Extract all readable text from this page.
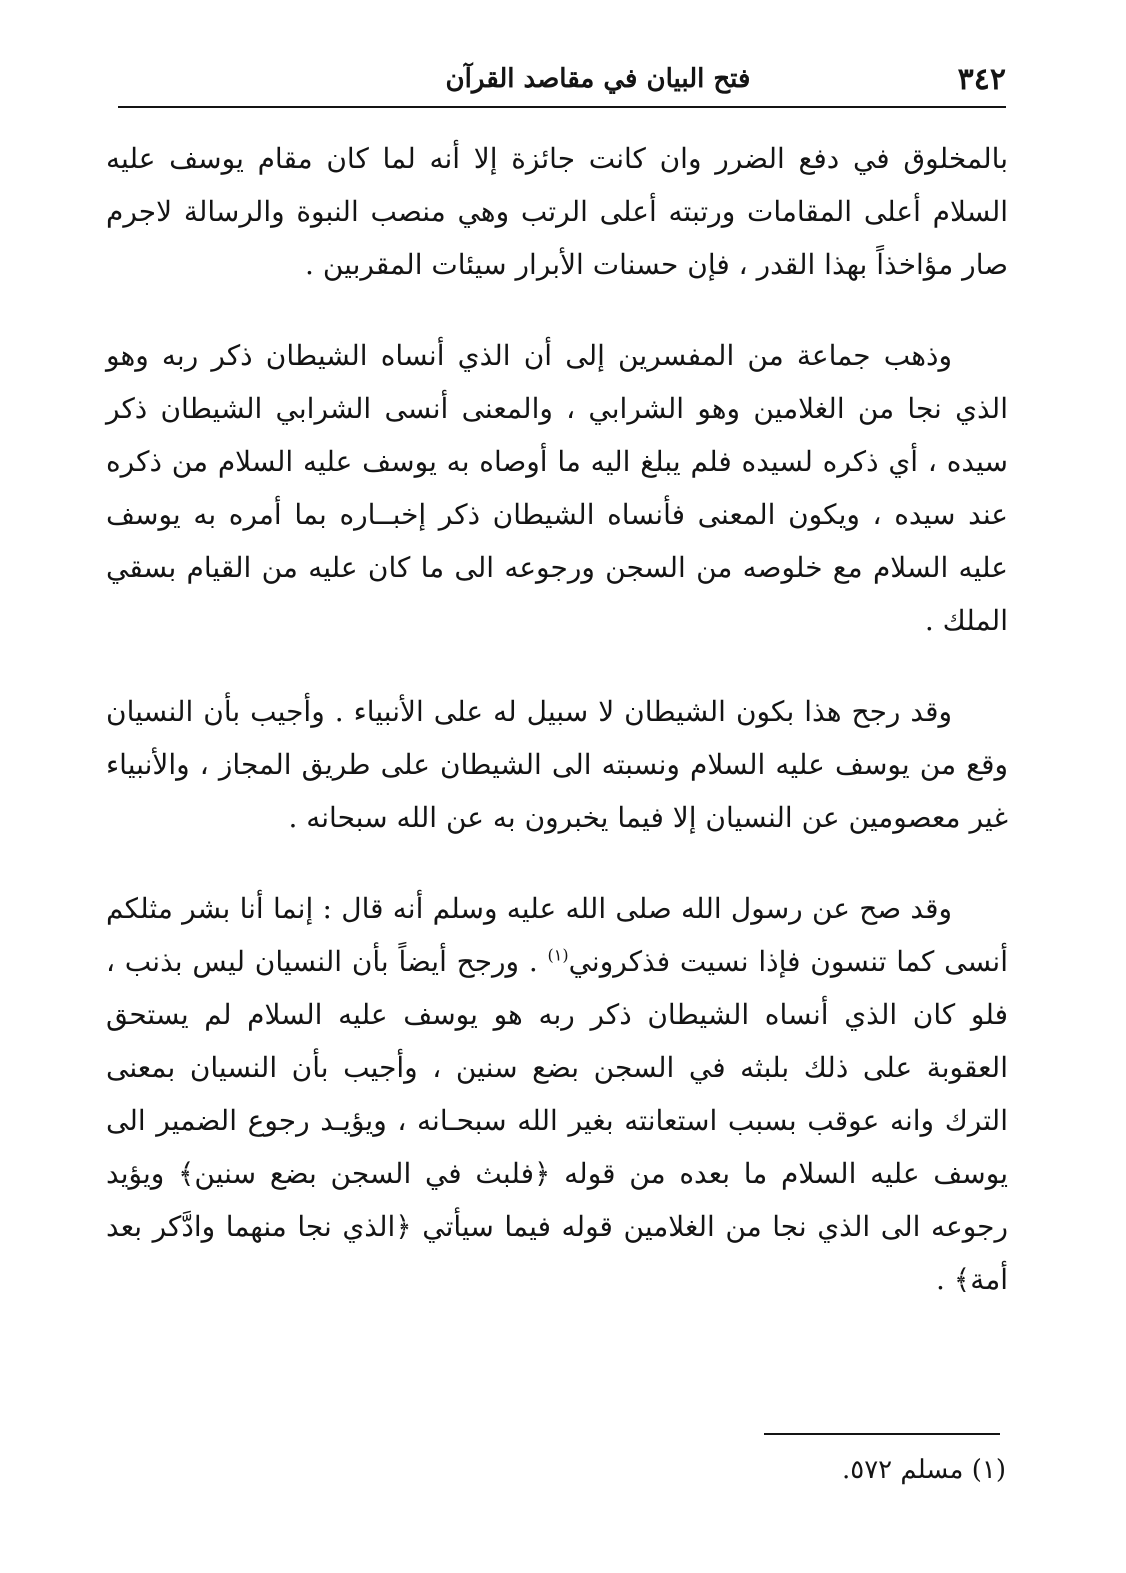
٣٤٢
فتح البيان في مقاصد القرآن

بالمخلوق في دفع الضرر وان كانت جائزة إلا أنه لما كان مقام يوسف عليه السلام أعلى المقامات ورتبته أعلى الرتب وهي منصب النبوة والرسالة لاجرم صار مؤاخذاً بهذا القدر ، فإن حسنات الأبرار سيئات المقربين .

وذهب جماعة من المفسرين إلى أن الذي أنساه الشيطان ذكر ربه وهو الذي نجا من الغلامين وهو الشرابي ، والمعنى أنسى الشرابي الشيطان ذكر سيده ، أي ذكره لسيده فلم يبلغ اليه ما أوصاه به يوسف عليه السلام من ذكره عند سيده ، ويكون المعنى فأنساه الشيطان ذكر إخبــاره بما أمره به يوسف عليه السلام مع خلوصه من السجن ورجوعه الى ما كان عليه من القيام بسقي الملك .

وقد رجح هذا بكون الشيطان لا سبيل له على الأنبياء . وأجيب بأن النسيان وقع من يوسف عليه السلام ونسبته الى الشيطان على طريق المجاز ، والأنبياء غير معصومين عن النسيان إلا فيما يخبرون به عن الله سبحانه .

وقد صح عن رسول الله صلى الله عليه وسلم أنه قال : إنما أنا بشر مثلكم أنسى كما تنسون فإذا نسيت فذكروني$^{(١)}$ . ورجح أيضاً بأن النسيان ليس بذنب ، فلو كان الذي أنساه الشيطان ذكر ربه هو يوسف عليه السلام لم يستحق العقوبة على ذلك بلبثه في السجن بضع سنين ، وأجيب بأن النسيان بمعنى الترك وانه عوقب بسبب استعانته بغير الله سبحـانه ، ويؤيـد رجوع الضمير الى يوسف عليه السلام ما بعده من قوله ﴿فلبث في السجن بضع سنين﴾ ويؤيد رجوعه الى الذي نجا من الغلامين قوله فيما سيأتي ﴿الذي نجا منهما وادَّكر بعد أمة﴾ .

(١) مسلم ٥٧٢.
